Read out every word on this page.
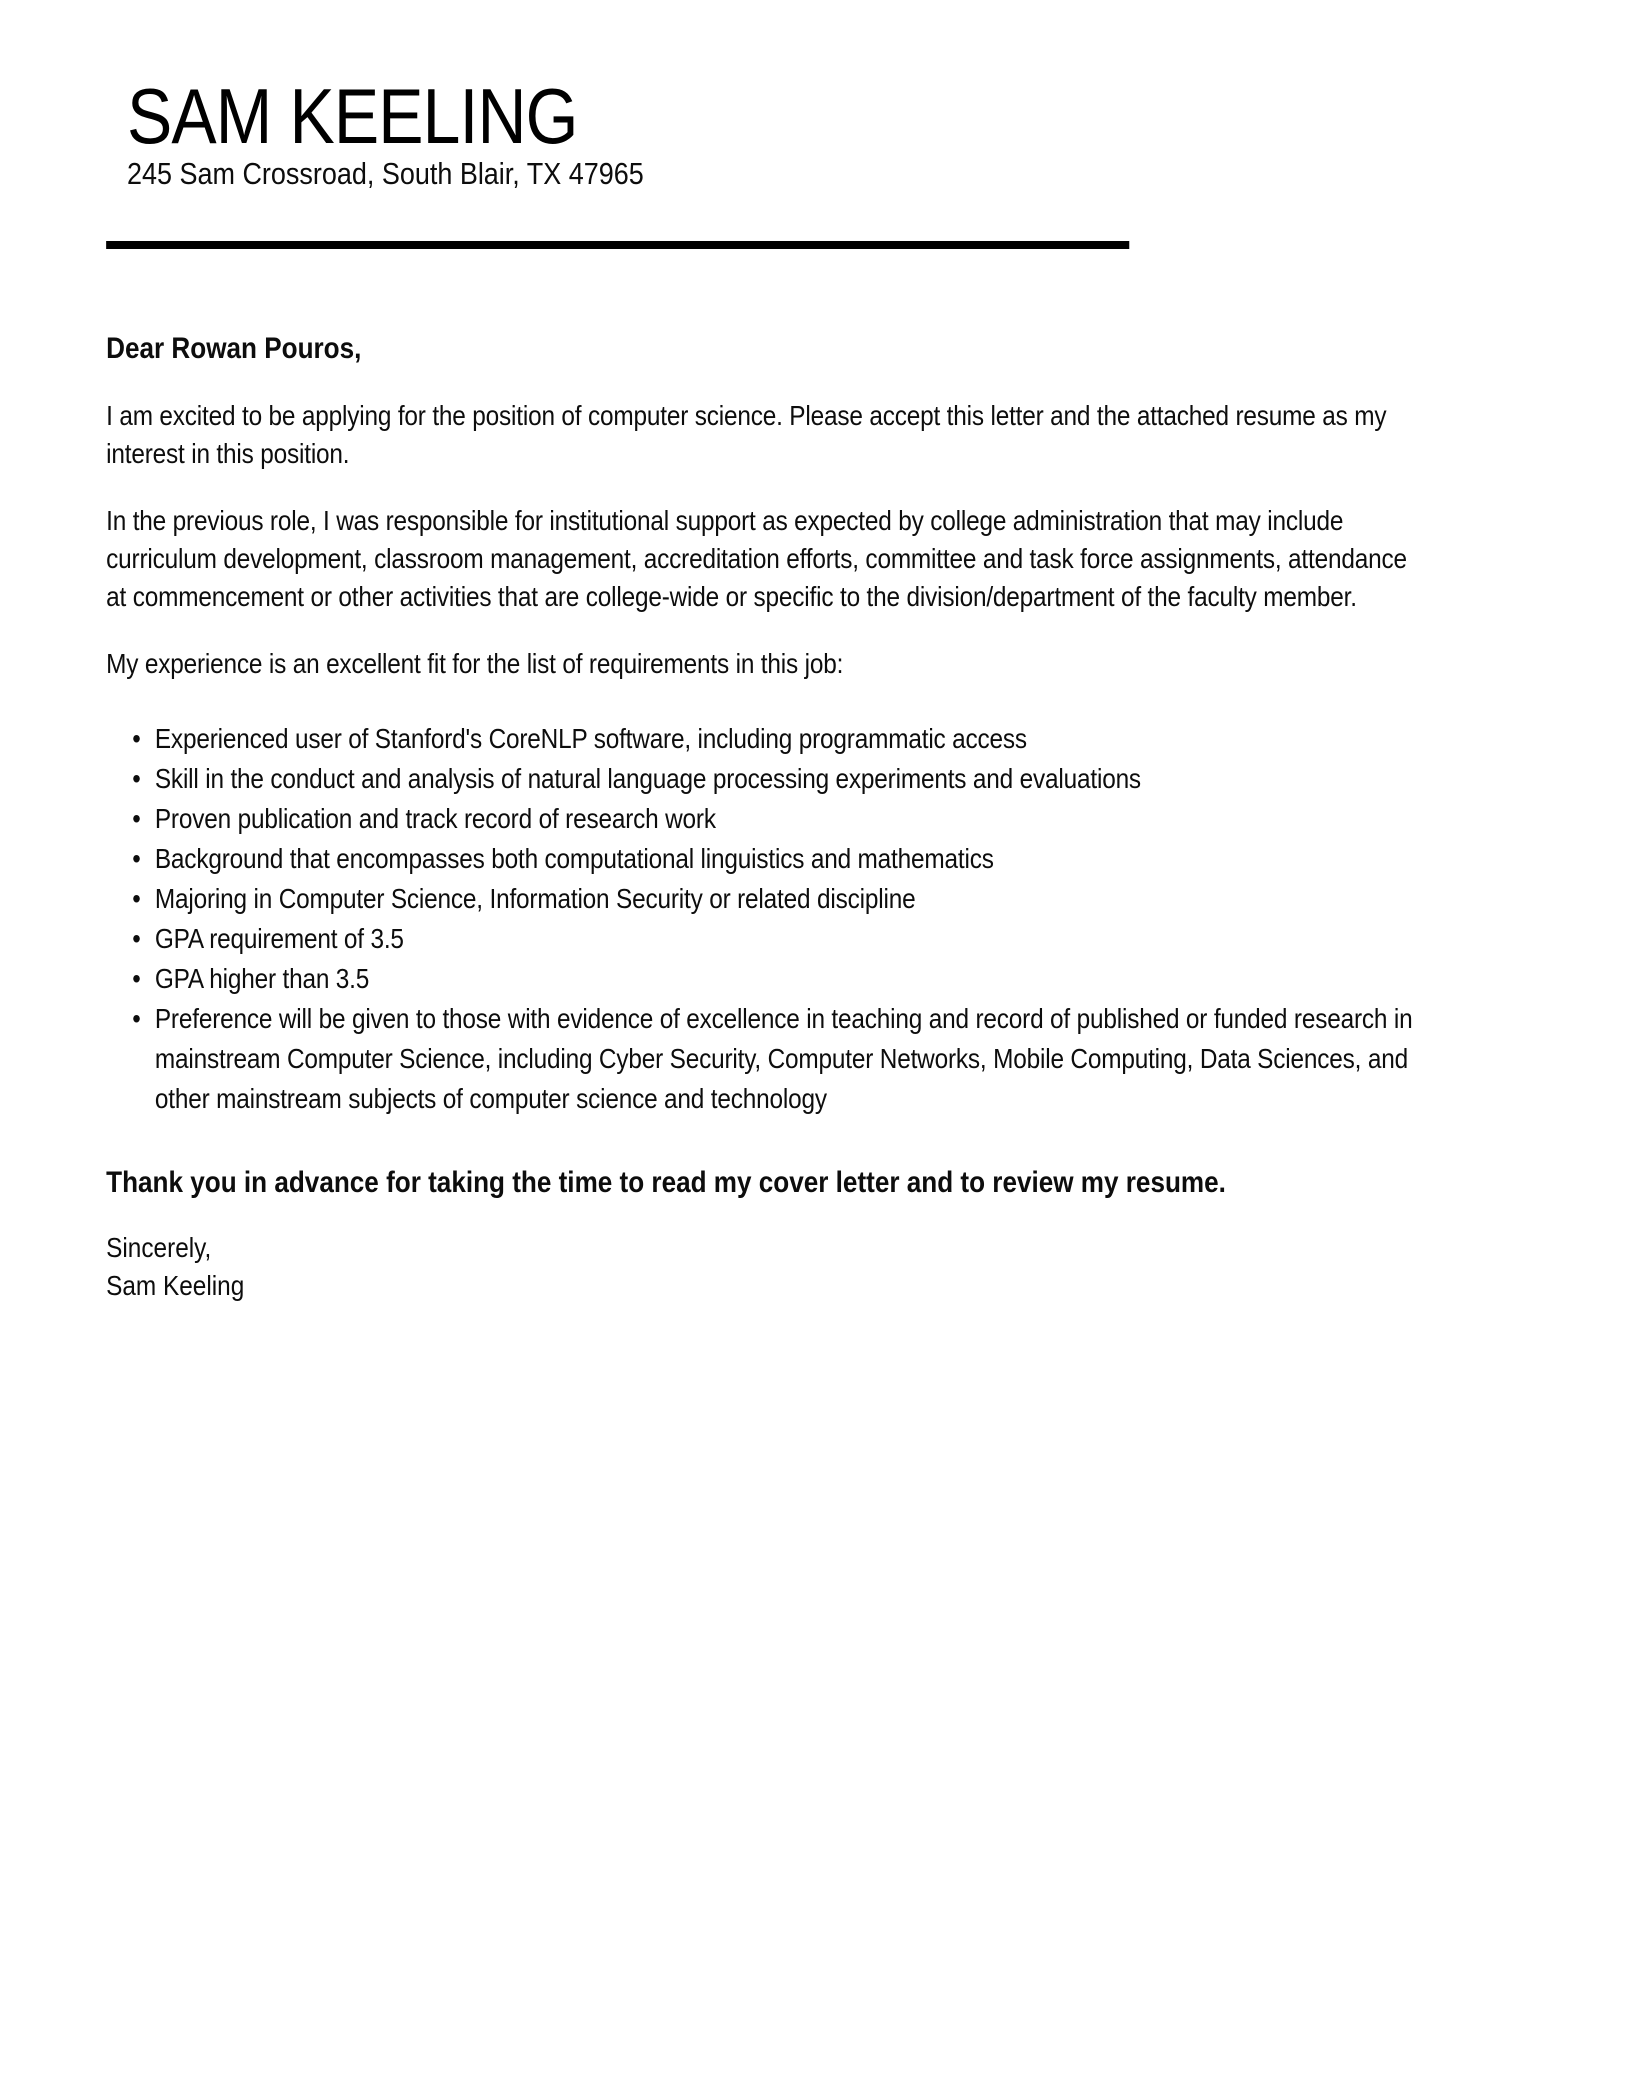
SAM KEELING
245 Sam Crossroad, South Blair, TX 47965

Dear Rowan Pouros,

I am excited to be applying for the position of computer science. Please accept this letter and the attached resume as my
interest in this position.
In the previous role, I was responsible for institutional support as expected by college administration that may include
curriculum development, classroom management, accreditation efforts, committee and task force assignments, attendance
at commencement or other activities that are college-wide or specific to the division/department of the faculty member.
My experience is an excellent fit for the list of requirements in this job:
• Experienced user of Stanford's CoreNLP software, including programmatic access
• Skill in the conduct and analysis of natural language processing experiments and evaluations
• Proven publication and track record of research work
• Background that encompasses both computational linguistics and mathematics
• Majoring in Computer Science, Information Security or related discipline
• GPA requirement of 3.5
• GPA higher than 3.5
• Preference will be given to those with evidence of excellence in teaching and record of published or funded research in
mainstream Computer Science, including Cyber Security, Computer Networks, Mobile Computing, Data Sciences, and
other mainstream subjects of computer science and technology

Thank you in advance for taking the time to read my cover letter and to review my resume.

Sincerely,
Sam Keeling
